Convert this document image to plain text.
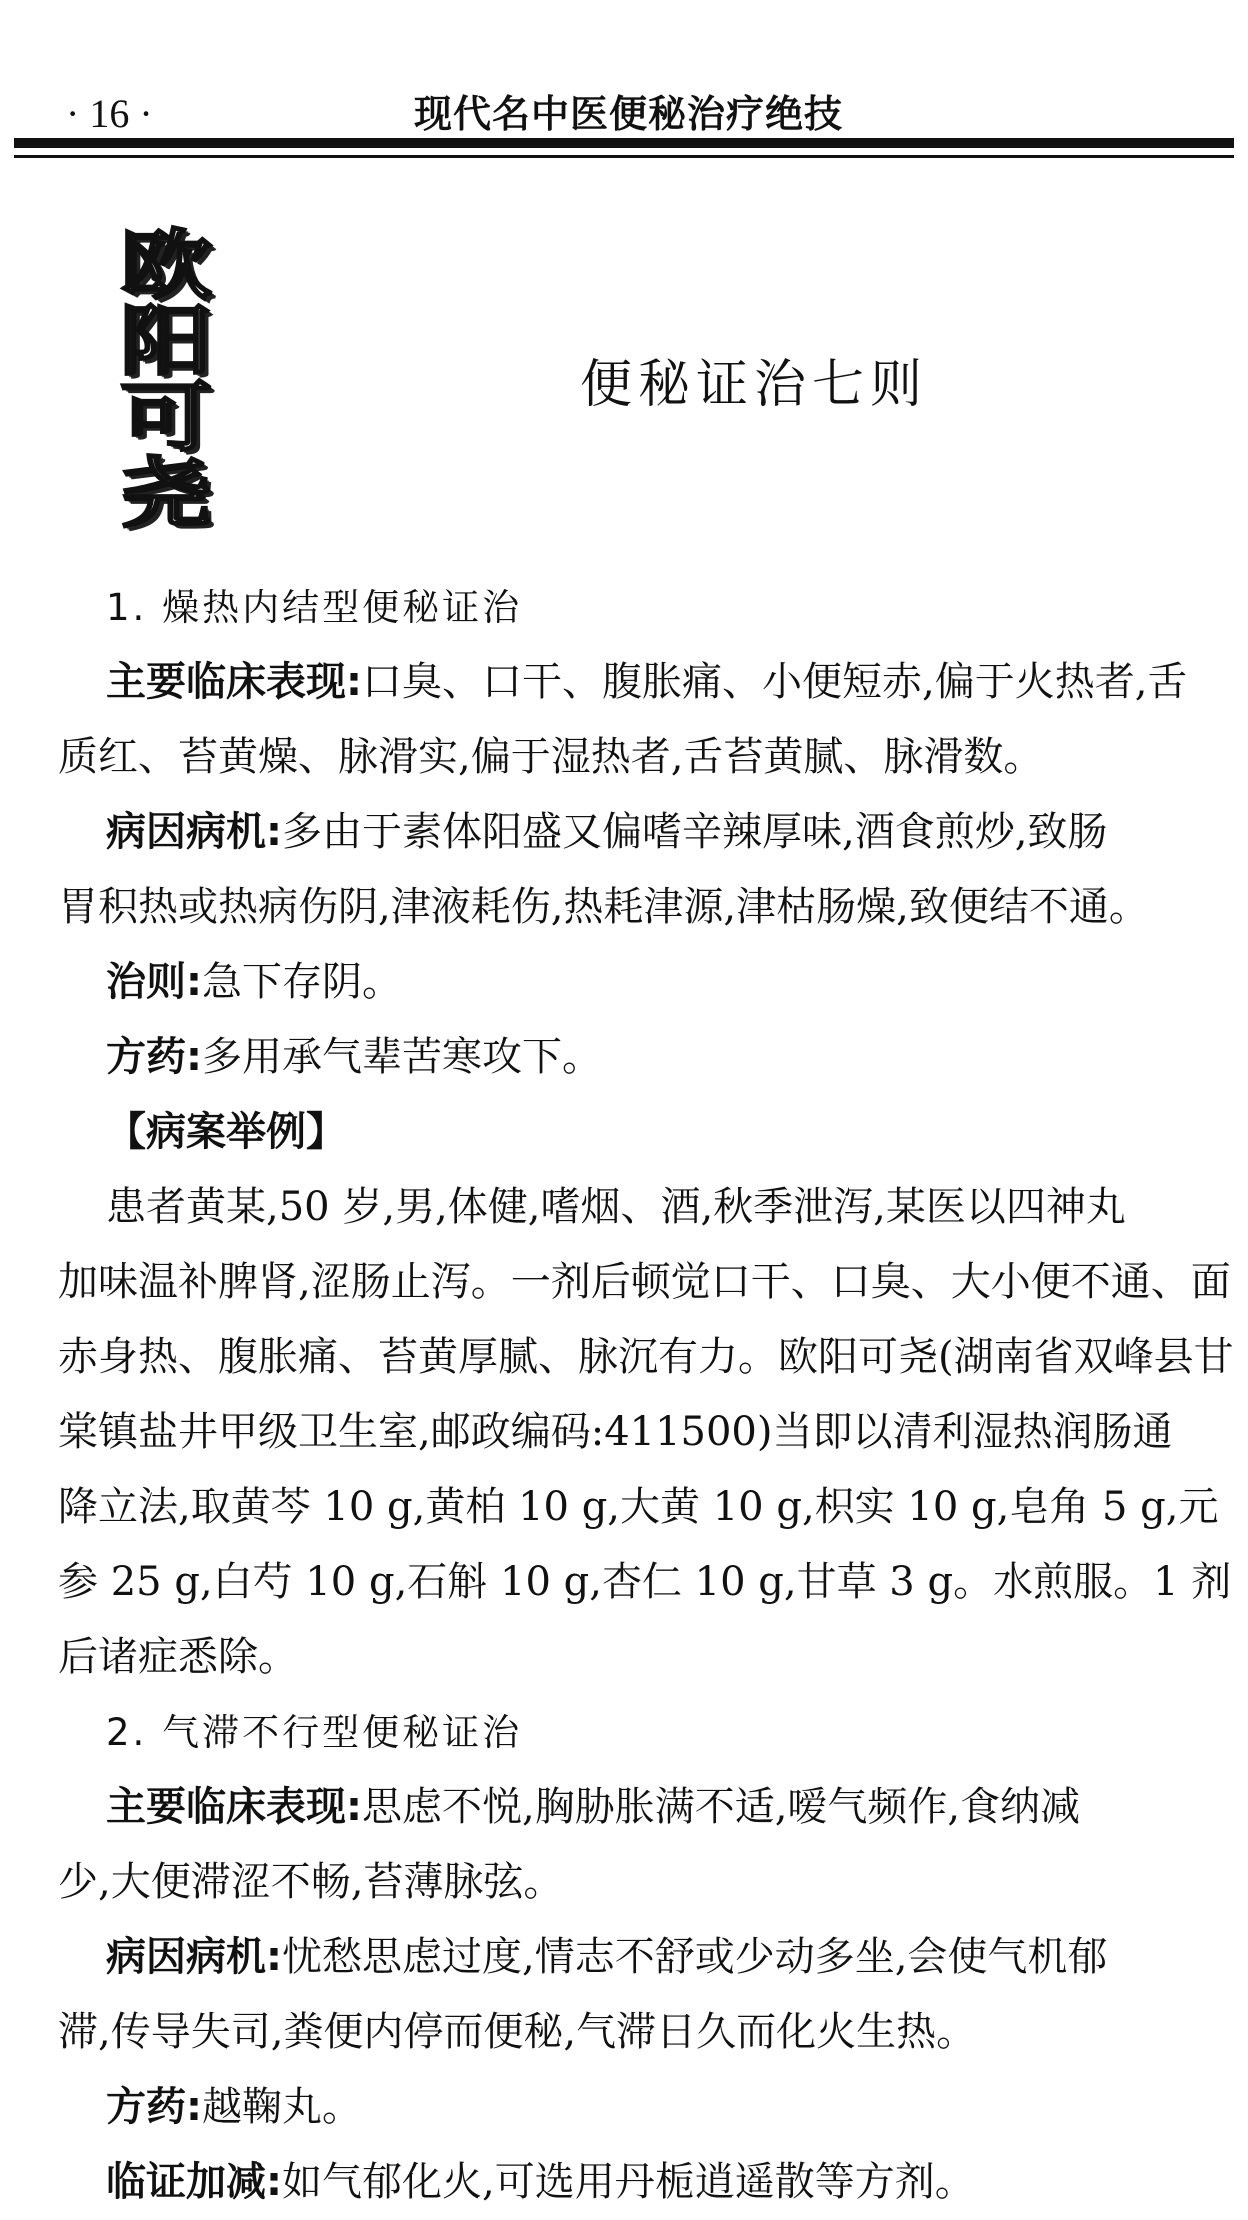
· 16 ·	现代名中医便秘治疗绝技
欧
阳
可
尧
便秘证治七则
1. 燥热内结型便秘证治
主要临床表现:口臭、口干、腹胀痛、小便短赤,偏于火热者,舌
质红、苔黄燥、脉滑实,偏于湿热者,舌苔黄腻、脉滑数。
病因病机:多由于素体阳盛又偏嗜辛辣厚味,酒食煎炒,致肠
胃积热或热病伤阴,津液耗伤,热耗津源,津枯肠燥,致便结不通。
治则:急下存阴。
方药:多用承气辈苦寒攻下。
【病案举例】
患者黄某,50 岁,男,体健,嗜烟、酒,秋季泄泻,某医以四神丸
加味温补脾肾,涩肠止泻。一剂后顿觉口干、口臭、大小便不通、面
赤身热、腹胀痛、苔黄厚腻、脉沉有力。欧阳可尧(湖南省双峰县甘
棠镇盐井甲级卫生室,邮政编码:411500)当即以清利湿热润肠通
降立法,取黄芩 10 g,黄柏 10 g,大黄 10 g,枳实 10 g,皂角 5 g,元
参 25 g,白芍 10 g,石斛 10 g,杏仁 10 g,甘草 3 g。水煎服。1 剂
后诸症悉除。
2. 气滞不行型便秘证治
主要临床表现:思虑不悦,胸胁胀满不适,嗳气频作,食纳减
少,大便滞涩不畅,苔薄脉弦。
病因病机:忧愁思虑过度,情志不舒或少动多坐,会使气机郁
滞,传导失司,粪便内停而便秘,气滞日久而化火生热。
方药:越鞠丸。
临证加减:如气郁化火,可选用丹栀逍遥散等方剂。
